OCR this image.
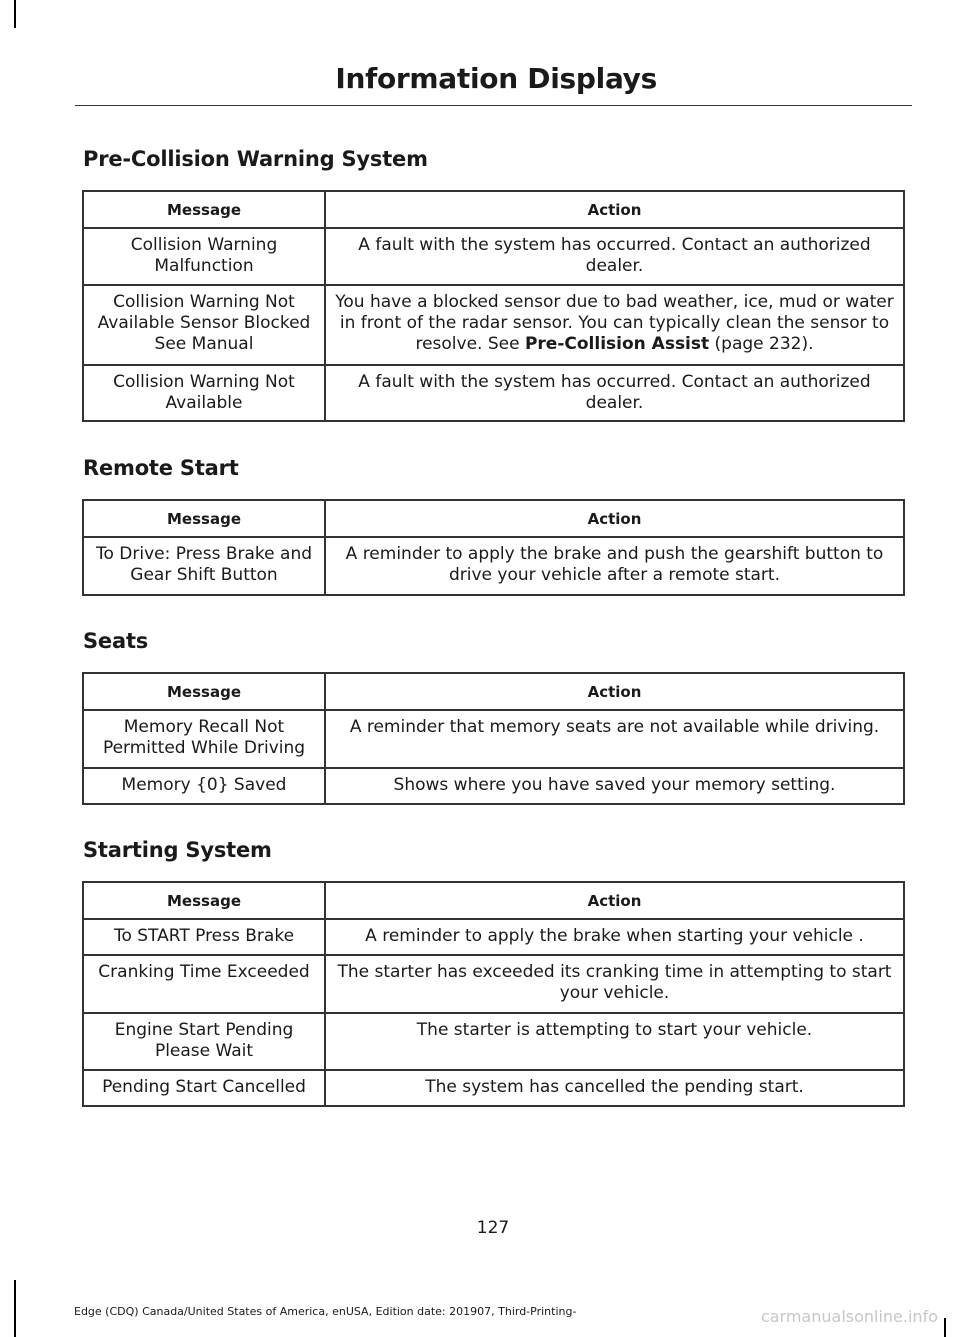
Information Displays
Pre-Collision Warning System
Message	Action
Collision Warning Malfunction	A fault with the system has occurred. Contact an authorized dealer.
Collision Warning Not Available Sensor Blocked See Manual	You have a blocked sensor due to bad weather, ice, mud or water in front of the radar sensor. You can typically clean the sensor to resolve. See Pre-Collision Assist (page 232).
Collision Warning Not Available	A fault with the system has occurred. Contact an authorized dealer.
Remote Start
Message	Action
To Drive: Press Brake and Gear Shift Button	A reminder to apply the brake and push the gearshift button to drive your vehicle after a remote start.
Seats
Message	Action
Memory Recall Not Permitted While Driving	A reminder that memory seats are not available while driving.
Memory {0} Saved	Shows where you have saved your memory setting.
Starting System
Message	Action
To START Press Brake	A reminder to apply the brake when starting your vehicle .
Cranking Time Exceeded	The starter has exceeded its cranking time in attempting to start your vehicle.
Engine Start Pending Please Wait	The starter is attempting to start your vehicle.
Pending Start Cancelled	The system has cancelled the pending start.
127
Edge (CDQ) Canada/United States of America, enUSA, Edition date: 201907, Third-Printing-	carmanualsonline.info
